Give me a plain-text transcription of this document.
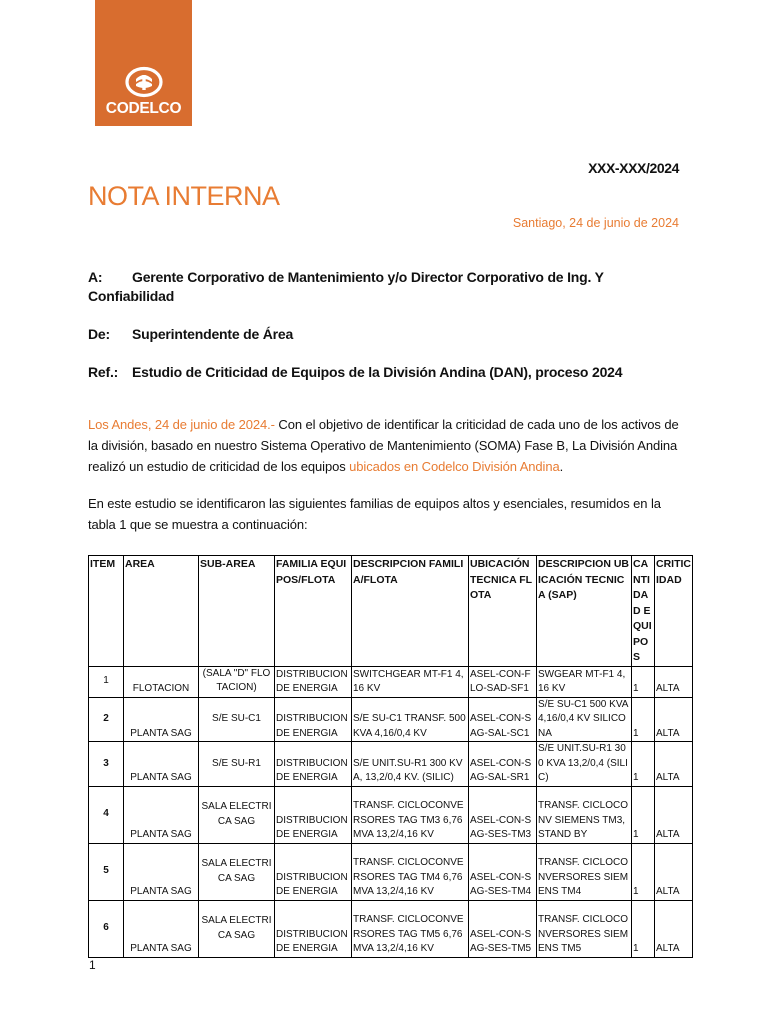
CODELCO
XXX-XXX/2024
NOTA INTERNA
Santiago, 24 de junio de 2024
A: Gerente Corporativo de Mantenimiento y/o Director Corporativo de Ing. Y Confiabilidad
De: Superintendente de Área
Ref.: Estudio de Criticidad de Equipos de la División Andina (DAN), proceso 2024
Los Andes, 24 de junio de 2024.- Con el objetivo de identificar la criticidad de cada uno de los activos de la división, basado en nuestro Sistema Operativo de Mantenimiento (SOMA) Fase B, La División Andina realizó un estudio de criticidad de los equipos ubicados en Codelco División Andina.
En este estudio se identificaron las siguientes familias de equipos altos y esenciales, resumidos en la tabla 1 que se muestra a continuación:
ITEM	AREA	SUB-AREA	FAMILIA EQUIPOS/FLOTA	DESCRIPCION FAMILIA/FLOTA	UBICACIÓN TECNICA FLOTA	DESCRIPCION UBICACIÓN TECNICA (SAP)	CANTIDAD EQUIPOS	CRITICIDAD
1	FLOTACION	(SALA "D" FLOTACION)	DISTRIBUCION DE ENERGIA	SWITCHGEAR MT-F1 4,16 KV	ASEL-CON-FLO-SAD-SF1	SWGEAR MT-F1 4,16 KV	1	ALTA
2	PLANTA SAG	S/E SU-C1	DISTRIBUCION DE ENERGIA	S/E SU-C1 TRANSF. 500KVA 4,16/0,4 KV	ASEL-CON-SAG-SAL-SC1	S/E SU-C1 500 KVA 4,16/0,4 KV SILICONA	1	ALTA
3	PLANTA SAG	S/E SU-R1	DISTRIBUCION DE ENERGIA	S/E UNIT.SU-R1 300 KVA, 13,2/0,4 KV. (SILIC)	ASEL-CON-SAG-SAL-SR1	S/E UNIT.SU-R1 300 KVA 13,2/0,4 (SILIC)	1	ALTA
4	PLANTA SAG	SALA ELECTRICA SAG	DISTRIBUCION DE ENERGIA	TRANSF. CICLOCONVERSORES TAG TM3 6,76 MVA 13,2/4,16 KV	ASEL-CON-SAG-SES-TM3	TRANSF. CICLOCONV SIEMENS TM3, STAND BY	1	ALTA
5	PLANTA SAG	SALA ELECTRICA SAG	DISTRIBUCION DE ENERGIA	TRANSF. CICLOCONVERSORES TAG TM4 6,76 MVA 13,2/4,16 KV	ASEL-CON-SAG-SES-TM4	TRANSF. CICLOCONVERSORES SIEMENS TM4	1	ALTA
6	PLANTA SAG	SALA ELECTRICA SAG	DISTRIBUCION DE ENERGIA	TRANSF. CICLOCONVERSORES TAG TM5 6,76 MVA 13,2/4,16 KV	ASEL-CON-SAG-SES-TM5	TRANSF. CICLOCONVERSORES SIEMENS TM5	1	ALTA
1
